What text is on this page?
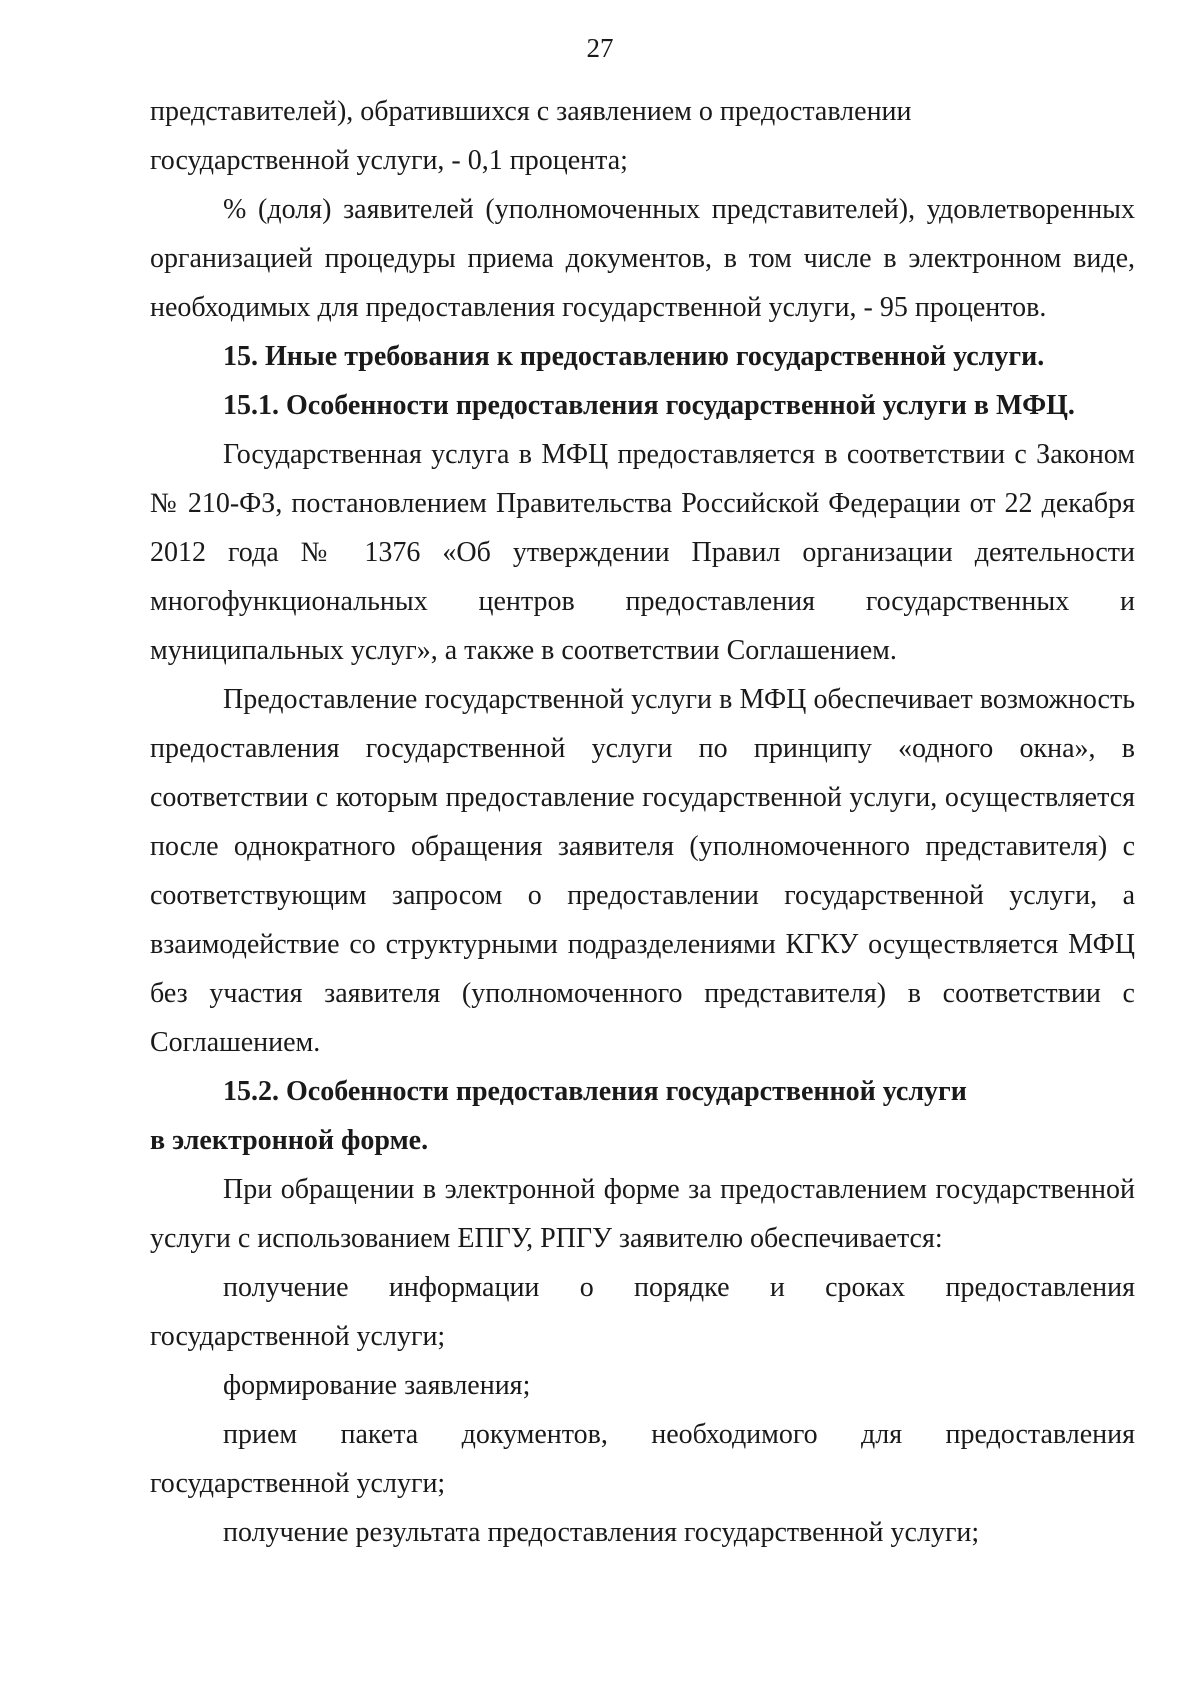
27

представителей), обратившихся с заявлением о предоставлении

государственной услуги, - 0,1 процента;

% (доля) заявителей (уполномоченных представителей), удовлетворенных организацией процедуры приема документов, в том числе в электронном виде, необходимых для предоставления государственной услуги, - 95 процентов.

15. Иные требования к предоставлению государственной услуги.

15.1. Особенности предоставления государственной услуги в МФЦ.

Государственная услуга в МФЦ предоставляется в соответствии с Законом № 210-ФЗ, постановлением Правительства Российской Федерации от 22 декабря 2012 года № 1376 «Об утверждении Правил организации деятельности многофункциональных центров предоставления государственных и муниципальных услуг», а также в соответствии Соглашением.

Предоставление государственной услуги в МФЦ обеспечивает возможность предоставления государственной услуги по принципу «одного окна», в соответствии с которым предоставление государственной услуги, осуществляется после однократного обращения заявителя (уполномоченного представителя) с соответствующим запросом о предоставлении государственной услуги, а взаимодействие со структурными подразделениями КГКУ осуществляется МФЦ без участия заявителя (уполномоченного представителя) в соответствии с Соглашением.

15.2. Особенности предоставления государственной услуги

в электронной форме.

При обращении в электронной форме за предоставлением государственной услуги с использованием ЕПГУ, РПГУ заявителю обеспечивается:

получение информации о порядке и сроках предоставления государственной услуги;

формирование заявления;

прием пакета документов, необходимого для предоставления государственной услуги;

получение результата предоставления государственной услуги;
